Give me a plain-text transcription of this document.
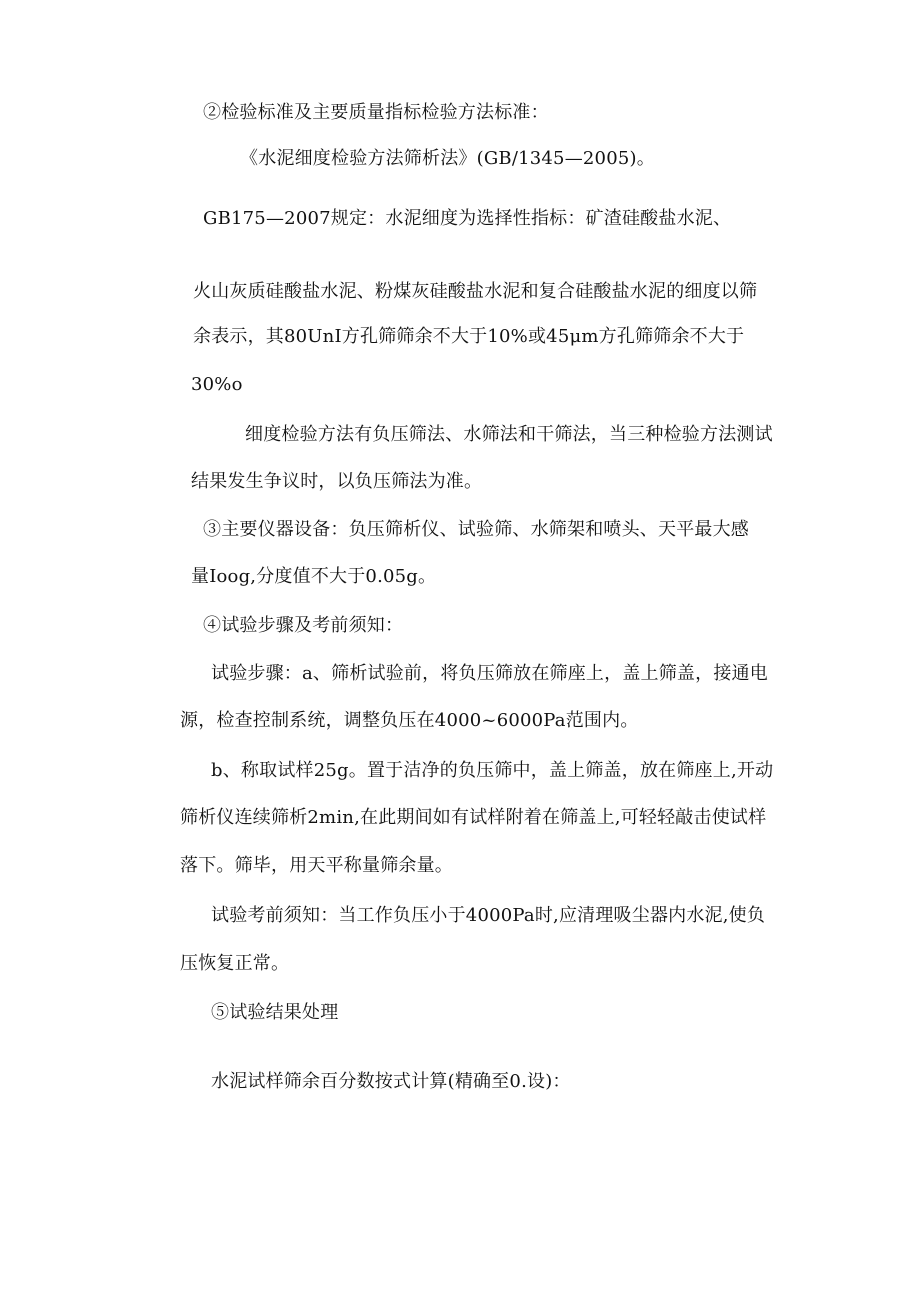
②检验标准及主要质量指标检验方法标准：
《水泥细度检验方法筛析法》(GB/1345—2005)。
GB175—2007规定：水泥细度为选择性指标：矿渣硅酸盐水泥、
火山灰质硅酸盐水泥、粉煤灰硅酸盐水泥和复合硅酸盐水泥的细度以筛
余表示，其80UnI方孔筛筛余不大于10%或45μm方孔筛筛余不大于
30%o
细度检验方法有负压筛法、水筛法和干筛法，当三种检验方法测试
结果发生争议时，以负压筛法为准。
③主要仪器设备：负压筛析仪、试验筛、水筛架和喷头、天平最大感
量Ioog,分度值不大于0.05g。
④试验步骤及考前须知：
试验步骤：a、筛析试验前，将负压筛放在筛座上，盖上筛盖，接通电
源，检查控制系统，调整负压在4000~6000Pa范围内。
b、称取试样25g。置于洁净的负压筛中，盖上筛盖，放在筛座上,开动
筛析仪连续筛析2min,在此期间如有试样附着在筛盖上,可轻轻敲击使试样
落下。筛毕，用天平称量筛余量。
试验考前须知：当工作负压小于4000Pa时,应清理吸尘器内水泥,使负
压恢复正常。
⑤试验结果处理
水泥试样筛余百分数按式计算(精确至0.设)：
